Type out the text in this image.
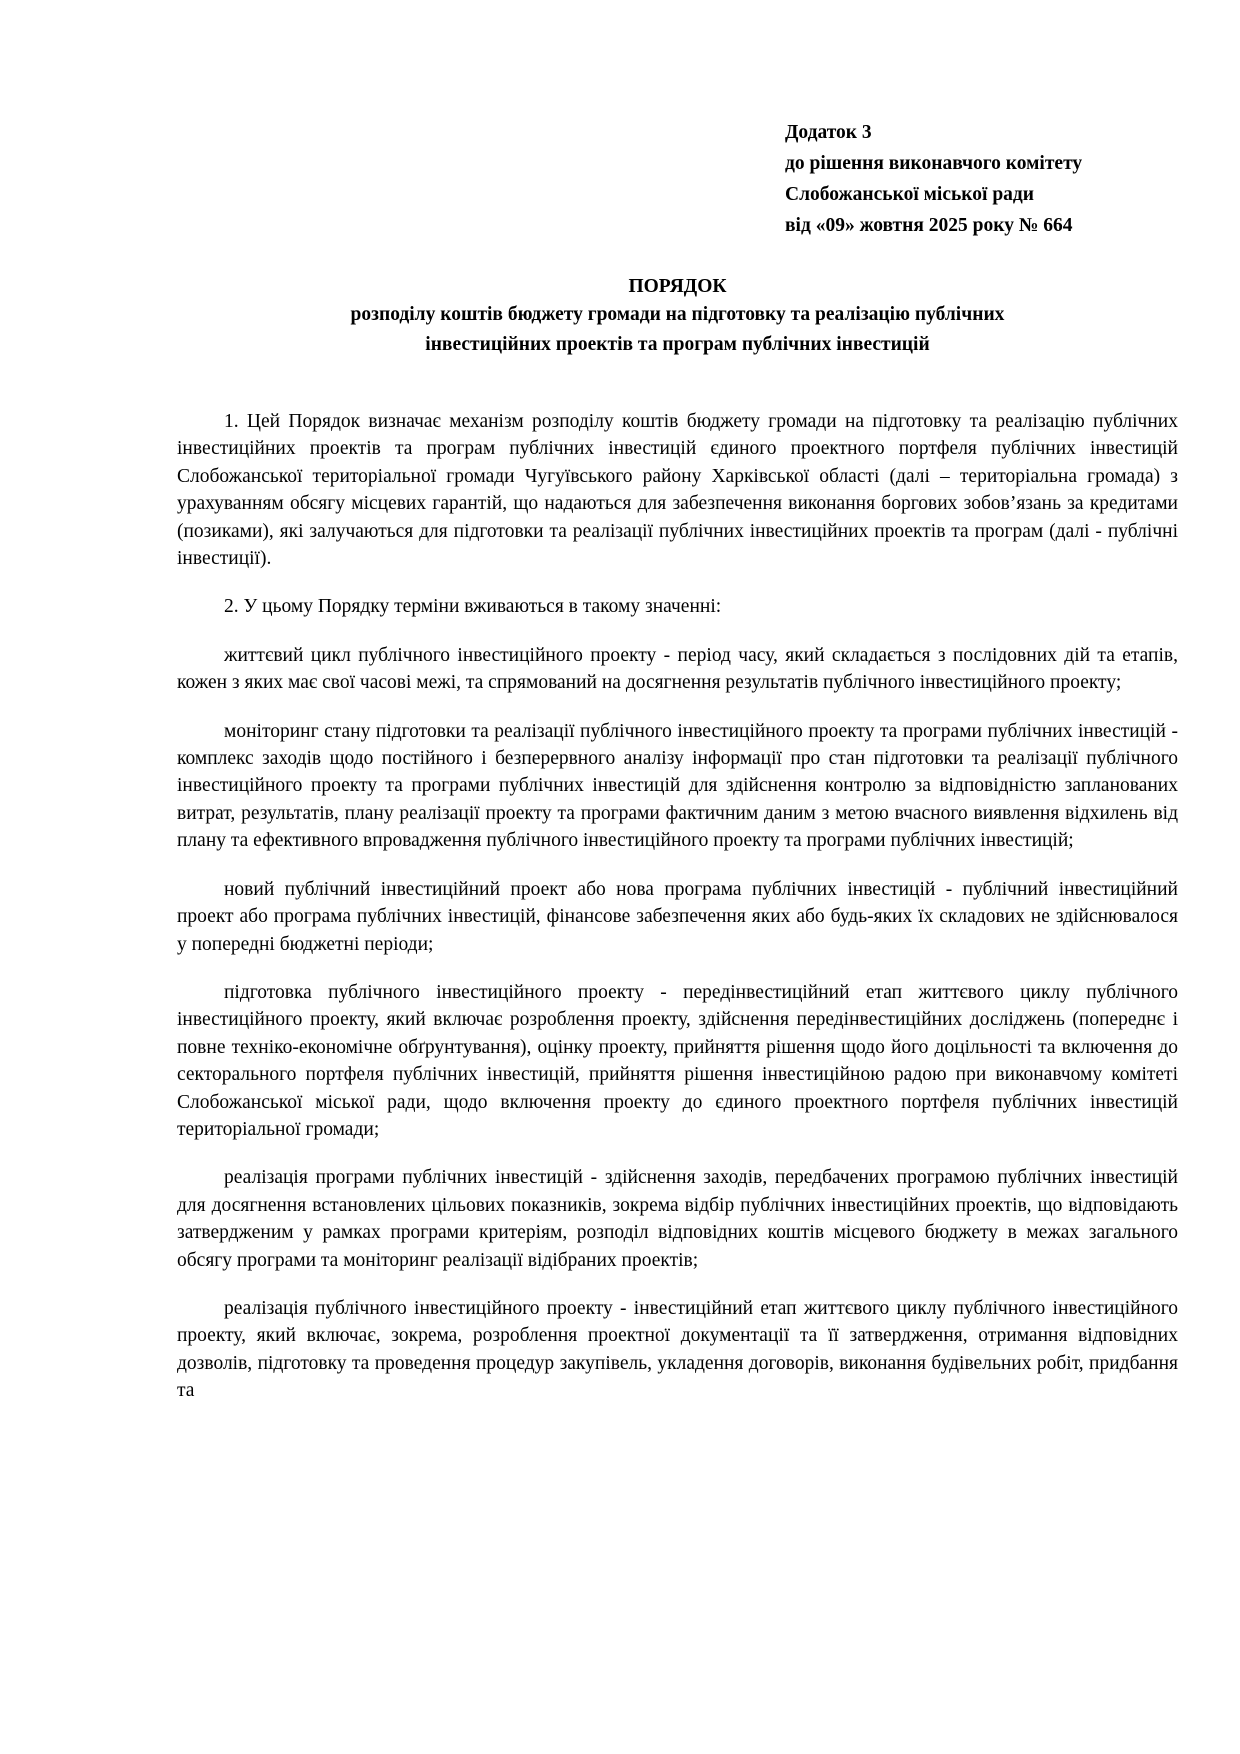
Додаток 3
до рішення виконавчого комітету
Слобожанської міської ради
від «09» жовтня 2025 року № 664
ПОРЯДОК
розподілу коштів бюджету громади на підготовку та реалізацію публічних
інвестиційних проектів та програм публічних інвестицій

1. Цей Порядок визначає механізм розподілу коштів бюджету громади на підготовку та реалізацію публічних інвестиційних проектів та програм публічних інвестицій єдиного проектного портфеля публічних інвестицій Слобожанської територіальної громади Чугуївського району Харківської області (далі – територіальна громада) з урахуванням обсягу місцевих гарантій, що надаються для забезпечення виконання боргових зобов’язань за кредитами (позиками), які залучаються для підготовки та реалізації публічних інвестиційних проектів та програм (далі - публічні інвестиції).

2. У цьому Порядку терміни вживаються в такому значенні:

життєвий цикл публічного інвестиційного проекту - період часу, який складається з послідовних дій та етапів, кожен з яких має свої часові межі, та спрямований на досягнення результатів публічного інвестиційного проекту;

моніторинг стану підготовки та реалізації публічного інвестиційного проекту та програми публічних інвестицій - комплекс заходів щодо постійного і безперервного аналізу інформації про стан підготовки та реалізації публічного інвестиційного проекту та програми публічних інвестицій для здійснення контролю за відповідністю запланованих витрат, результатів, плану реалізації проекту та програми фактичним даним з метою вчасного виявлення відхилень від плану та ефективного впровадження публічного інвестиційного проекту та програми публічних інвестицій;

новий публічний інвестиційний проект або нова програма публічних інвестицій - публічний інвестиційний проект або програма публічних інвестицій, фінансове забезпечення яких або будь-яких їх складових не здійснювалося у попередні бюджетні періоди;

підготовка публічного інвестиційного проекту - передінвестиційний етап життєвого циклу публічного інвестиційного проекту, який включає розроблення проекту, здійснення передінвестиційних досліджень (попереднє і повне техніко-економічне обґрунтування), оцінку проекту, прийняття рішення щодо його доцільності та включення до секторального портфеля публічних інвестицій, прийняття рішення інвестиційною радою при виконавчому комітеті Слобожанської міської ради, щодо включення проекту до єдиного проектного портфеля публічних інвестицій територіальної громади;

реалізація програми публічних інвестицій - здійснення заходів, передбачених програмою публічних інвестицій для досягнення встановлених цільових показників, зокрема відбір публічних інвестиційних проектів, що відповідають затвердженим у рамках програми критеріям, розподіл відповідних коштів місцевого бюджету в межах загального обсягу програми та моніторинг реалізації відібраних проектів;

реалізація публічного інвестиційного проекту - інвестиційний етап життєвого циклу публічного інвестиційного проекту, який включає, зокрема, розроблення проектної документації та її затвердження, отримання відповідних дозволів, підготовку та проведення процедур закупівель, укладення договорів, виконання будівельних робіт, придбання та
